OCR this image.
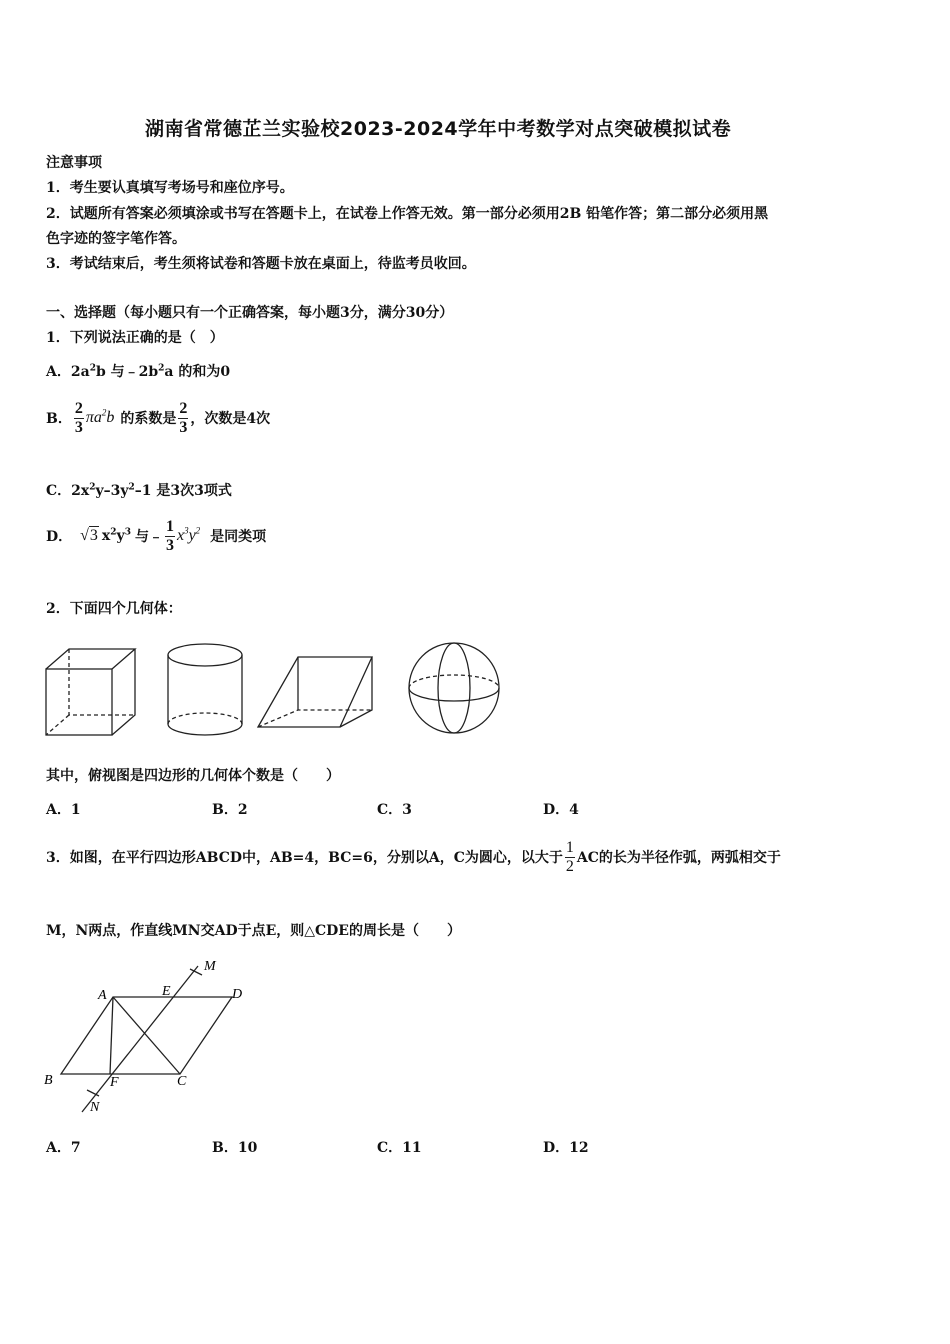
湖南省常德芷兰实验校2023-2024学年中考数学对点突破模拟试卷
注意事项
1．考生要认真填写考场号和座位序号。
2．试题所有答案必须填涂或书写在答题卡上，在试卷上作答无效。第一部分必须用2B 铅笔作答；第二部分必须用黑
色字迹的签字笔作答。
3．考试结束后，考生须将试卷和答题卡放在桌面上，待监考员收回。
一、选择题（每小题只有一个正确答案，每小题3分，满分30分）
1．下列说法正确的是（　）
A．$2a^2b$ 与$﹣2b^2a$ 的和为0
B． $\frac{2}{3} \pi a^2b$ 的系数是 $\frac{2}{3}$ ，次数是4次
C．$2x^2y-3y^2-1$ 是3次3项式
D． √3 $x^2y^3$ 与﹣ $\frac{1}{3} x^3y^2$ 是同类项
2．下面四个几何体：
其中，俯视图是四边形的几何体个数是（　　）
A．1	B．2	C．3	D．4
3．如图，在平行四边形ABCD中，AB=4，BC=6，分别以A，C为圆心，以大于 $\frac{1}{2}$ AC的长为半径作弧，两弧相交于
M，N两点，作直线MN交AD于点E，则△CDE的周长是（　　）
A
B	C
D
E
F
M
N
A．7	B．10	C．11	D．12
